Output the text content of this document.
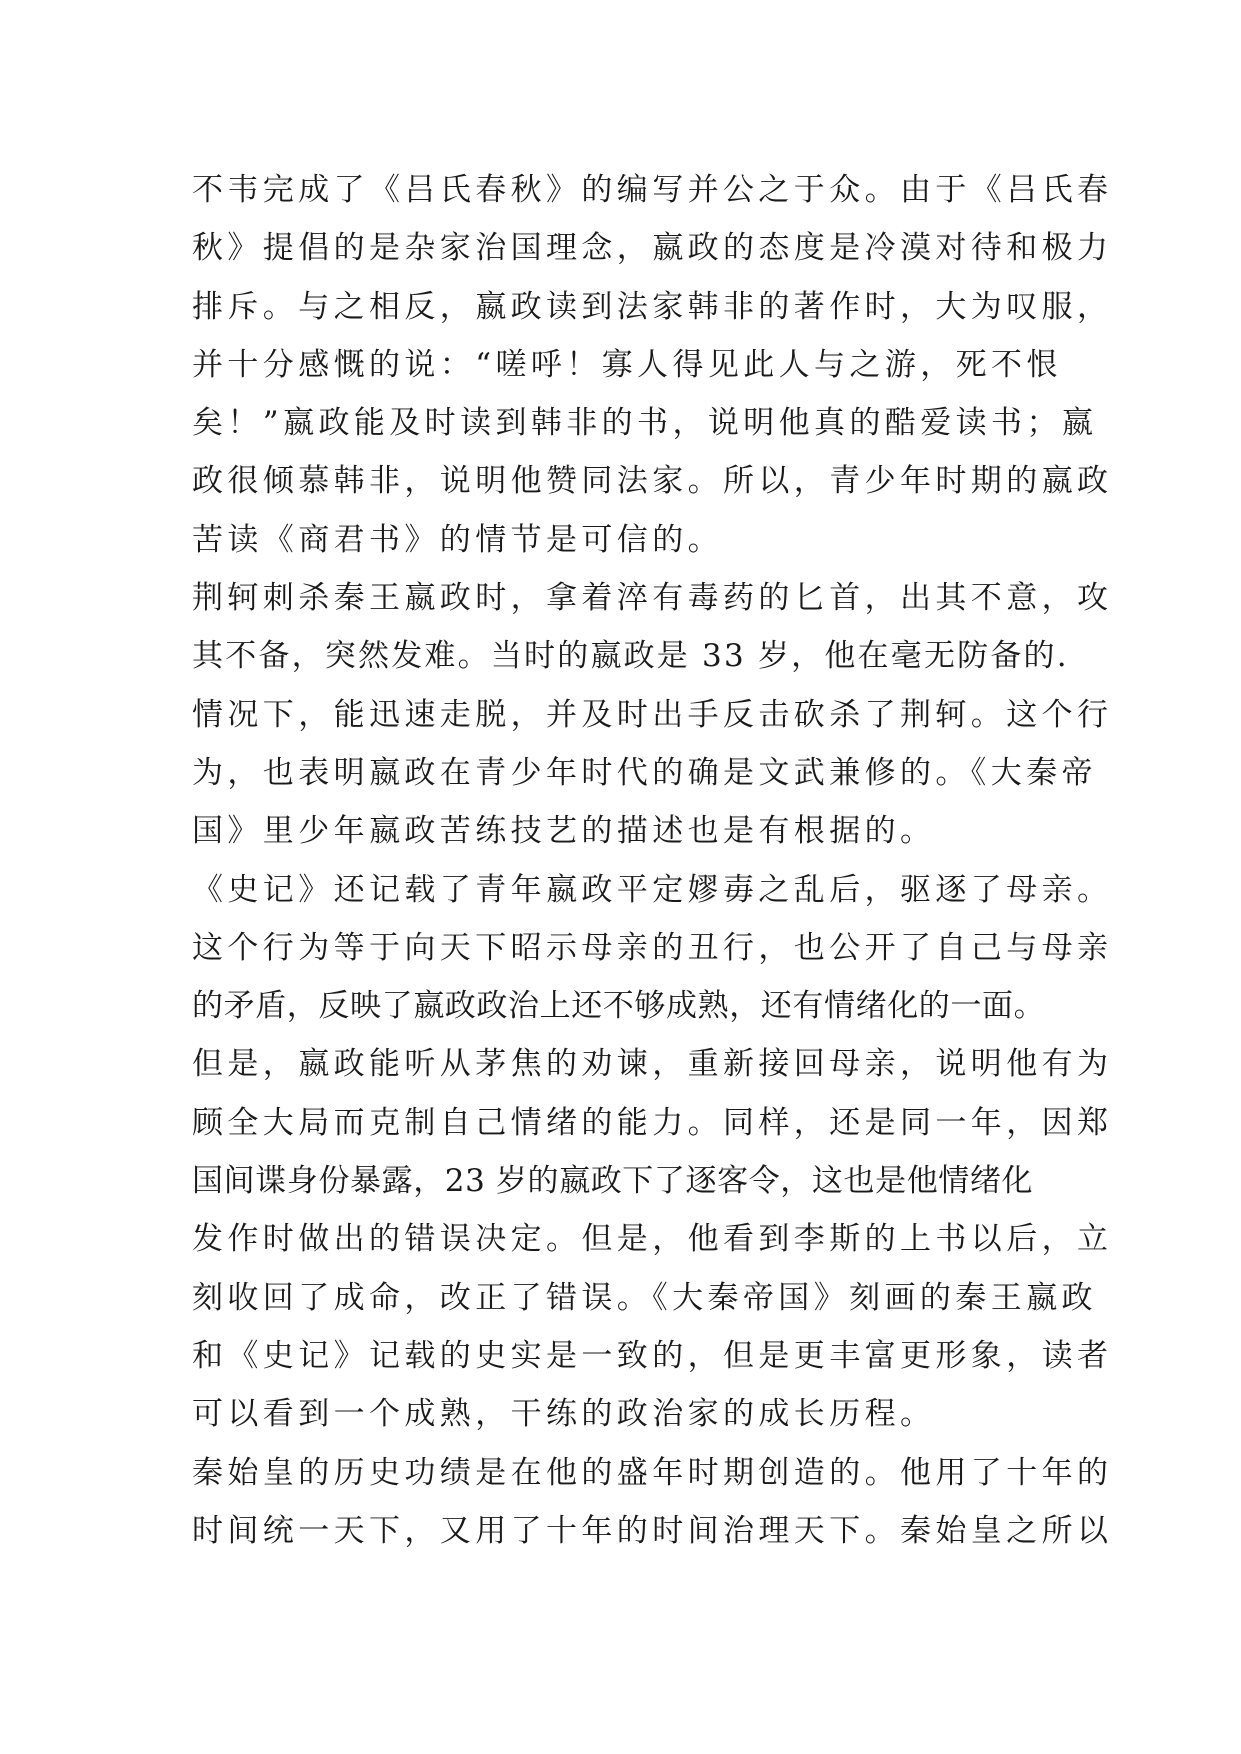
不韦完成了《吕氏春秋》的编写并公之于众。由于《吕氏春
秋》提倡的是杂家治国理念，嬴政的态度是冷漠对待和极力
排斥。与之相反，嬴政读到法家韩非的著作时，大为叹服，
并十分感慨的说：“嗟呼！寡人得见此人与之游，死不恨
矣！”嬴政能及时读到韩非的书，说明他真的酷爱读书；嬴
政很倾慕韩非，说明他赞同法家。所以，青少年时期的嬴政
苦读《商君书》的情节是可信的。
荆轲刺杀秦王嬴政时，拿着淬有毒药的匕首，出其不意，攻
其不备，突然发难。当时的嬴政是 33 岁，他在毫无防备的.
情况下，能迅速走脱，并及时出手反击砍杀了荆轲。这个行
为，也表明嬴政在青少年时代的确是文武兼修的。《大秦帝
国》里少年嬴政苦练技艺的描述也是有根据的。
《史记》还记载了青年嬴政平定嫪毐之乱后，驱逐了母亲。
这个行为等于向天下昭示母亲的丑行，也公开了自己与母亲
的矛盾，反映了嬴政政治上还不够成熟，还有情绪化的一面。
但是，嬴政能听从茅焦的劝谏，重新接回母亲，说明他有为
顾全大局而克制自己情绪的能力。同样，还是同一年，因郑
国间谍身份暴露，23 岁的嬴政下了逐客令，这也是他情绪化
发作时做出的错误决定。但是，他看到李斯的上书以后，立
刻收回了成命，改正了错误。《大秦帝国》刻画的秦王嬴政
和《史记》记载的史实是一致的，但是更丰富更形象，读者
可以看到一个成熟，干练的政治家的成长历程。
秦始皇的历史功绩是在他的盛年时期创造的。他用了十年的
时间统一天下，又用了十年的时间治理天下。秦始皇之所以
